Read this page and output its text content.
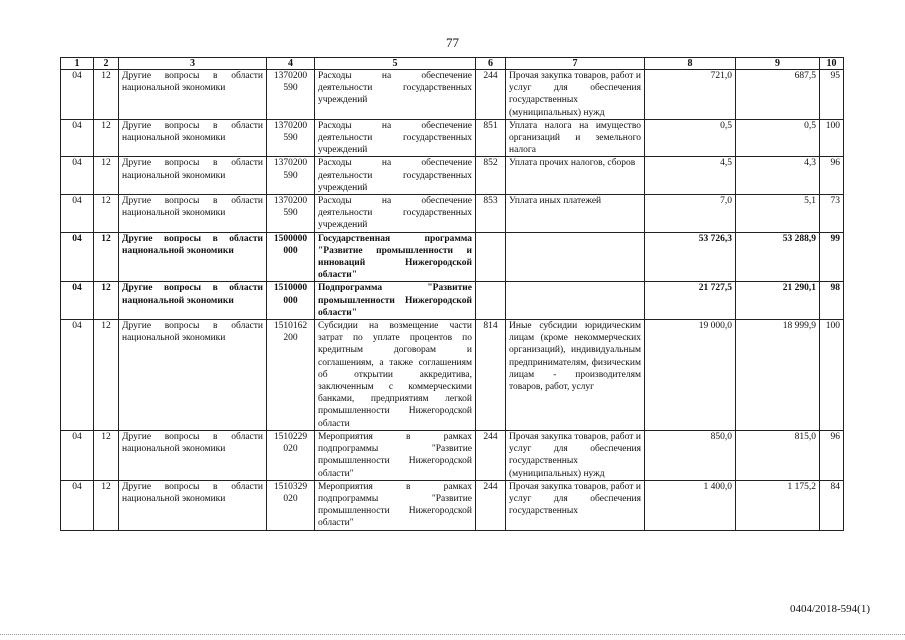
77
1	2	3	4	5	6	7	8	9	10
04	12	Другие вопросы в области национальной экономики	1370200 590	Расходы на обеспечение деятельности государственных учреждений	244	Прочая закупка товаров, работ и услуг для обеспечения государственных (муниципальных) нужд	721,0	687,5	95
04	12	Другие вопросы в области национальной экономики	1370200 590	Расходы на обеспечение деятельности государственных учреждений	851	Уплата налога на имущество организаций и земельного налога	0,5	0,5	100
04	12	Другие вопросы в области национальной экономики	1370200 590	Расходы на обеспечение деятельности государственных учреждений	852	Уплата прочих налогов, сборов	4,5	4,3	96
04	12	Другие вопросы в области национальной экономики	1370200 590	Расходы на обеспечение деятельности государственных учреждений	853	Уплата иных платежей	7,0	5,1	73
04	12	Другие вопросы в области национальной экономики	1500000 000	Государственная программа "Развитие промышленности и инноваций Нижегородской области"			53 726,3	53 288,9	99
04	12	Другие вопросы в области национальной экономики	1510000 000	Подпрограмма "Развитие промышленности Нижегородской области"			21 727,5	21 290,1	98
04	12	Другие вопросы в области национальной экономики	1510162 200	Субсидии на возмещение части затрат по уплате процентов по кредитным договорам и соглашениям, а также соглашениям об открытии аккредитива, заключенным с коммерческими банками, предприятиям легкой промышленности Нижегородской области	814	Иные субсидии юридическим лицам (кроме некоммерческих организаций), индивидуальным предпринимателям, физическим лицам - производителям товаров, работ, услуг	19 000,0	18 999,9	100
04	12	Другие вопросы в области национальной экономики	1510229 020	Мероприятия в рамках подпрограммы "Развитие промышленности Нижегородской области"	244	Прочая закупка товаров, работ и услуг для обеспечения государственных (муниципальных) нужд	850,0	815,0	96
04	12	Другие вопросы в области национальной экономики	1510329 020	Мероприятия в рамках подпрограммы "Развитие промышленности Нижегородской области"	244	Прочая закупка товаров, работ и услуг для обеспечения государственных	1 400,0	1 175,2	84
0404/2018-594(1)
